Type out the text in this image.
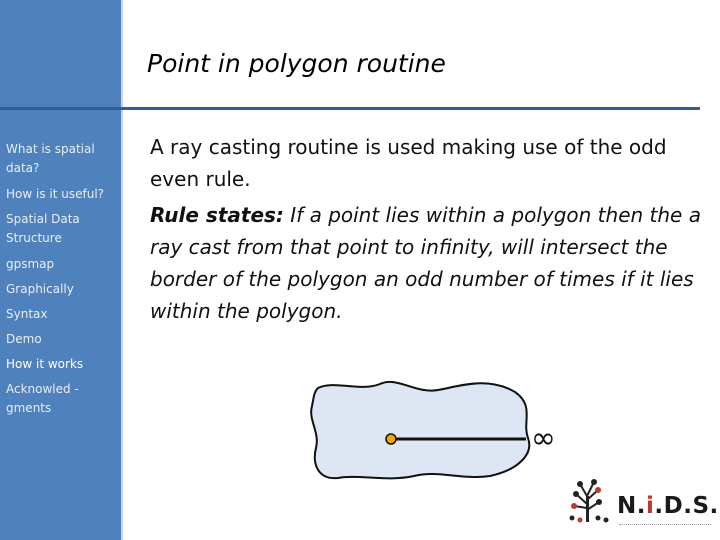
What is spatial data?
How is it useful?
Spatial Data Structure
gpsmap
Graphically
Syntax
Demo
How it works
Acknowled - gments
Point in polygon routine

A ray casting routine is used making use of the odd even rule.

Rule states: If a point lies within a polygon then the a ray cast from that point to infinity, will intersect the border of the polygon an odd number of times if it lies within the polygon.

∞
N.i.D.S.
